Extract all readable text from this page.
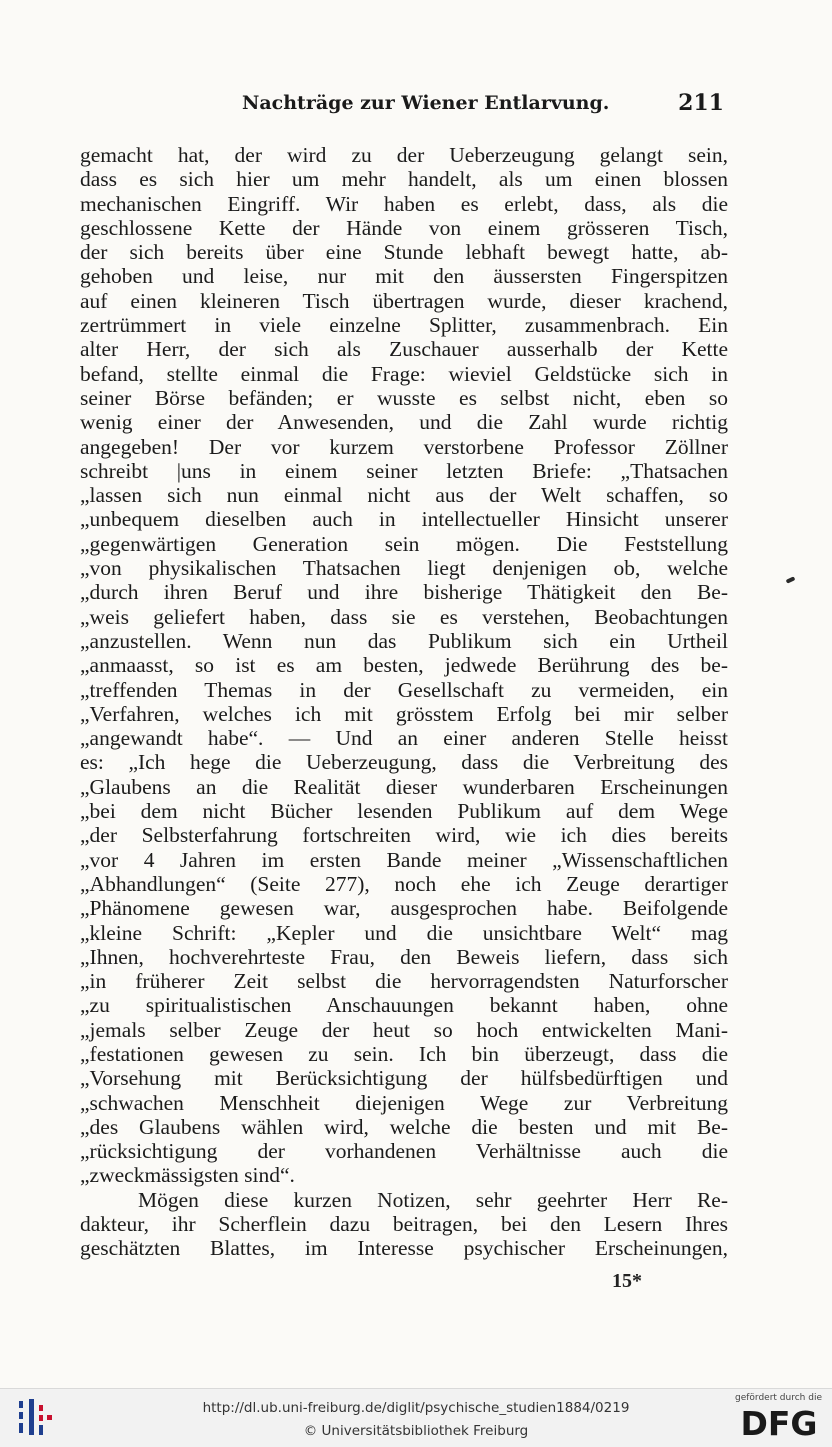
Nachträge zur Wiener Entlarvung.	211
gemacht hat, der wird zu der Ueberzeugung gelangt sein,
dass es sich hier um mehr handelt, als um einen blossen
mechanischen Eingriff. Wir haben es erlebt, dass, als die
geschlossene Kette der Hände von einem grösseren Tisch,
der sich bereits über eine Stunde lebhaft bewegt hatte, ab-
gehoben und leise, nur mit den äussersten Fingerspitzen
auf einen kleineren Tisch übertragen wurde, dieser krachend,
zertrümmert in viele einzelne Splitter, zusammenbrach. Ein
alter Herr, der sich als Zuschauer ausserhalb der Kette
befand, stellte einmal die Frage: wieviel Geldstücke sich in
seiner Börse befänden; er wusste es selbst nicht, eben so
wenig einer der Anwesenden, und die Zahl wurde richtig
angegeben! Der vor kurzem verstorbene Professor Zöllner
schreibt |uns in einem seiner letzten Briefe: „Thatsachen
„lassen sich nun einmal nicht aus der Welt schaffen, so
„unbequem dieselben auch in intellectueller Hinsicht unserer
„gegenwärtigen Generation sein mögen. Die Feststellung
„von physikalischen Thatsachen liegt denjenigen ob, welche
„durch ihren Beruf und ihre bisherige Thätigkeit den Be-
„weis geliefert haben, dass sie es verstehen, Beobachtungen
„anzustellen. Wenn nun das Publikum sich ein Urtheil
„anmaasst, so ist es am besten, jedwede Berührung des be-
„treffenden Themas in der Gesellschaft zu vermeiden, ein
„Verfahren, welches ich mit grösstem Erfolg bei mir selber
„angewandt habe“. — Und an einer anderen Stelle heisst
es: „Ich hege die Ueberzeugung, dass die Verbreitung des
„Glaubens an die Realität dieser wunderbaren Erscheinungen
„bei dem nicht Bücher lesenden Publikum auf dem Wege
„der Selbsterfahrung fortschreiten wird, wie ich dies bereits
„vor 4 Jahren im ersten Bande meiner „Wissenschaftlichen
„Abhandlungen“ (Seite 277), noch ehe ich Zeuge derartiger
„Phänomene gewesen war, ausgesprochen habe. Beifolgende
„kleine Schrift: „Kepler und die unsichtbare Welt“ mag
„Ihnen, hochverehrteste Frau, den Beweis liefern, dass sich
„in früherer Zeit selbst die hervorragendsten Naturforscher
„zu spiritualistischen Anschauungen bekannt haben, ohne
„jemals selber Zeuge der heut so hoch entwickelten Mani-
„festationen gewesen zu sein. Ich bin überzeugt, dass die
„Vorsehung mit Berücksichtigung der hülfsbedürftigen und
„schwachen Menschheit diejenigen Wege zur Verbreitung
„des Glaubens wählen wird, welche die besten und mit Be-
„rücksichtigung der vorhandenen Verhältnisse auch die
„zweckmässigsten sind“.
Mögen diese kurzen Notizen, sehr geehrter Herr Re-
dakteur, ihr Scherflein dazu beitragen, bei den Lesern Ihres
geschätzten Blattes, im Interesse psychischer Erscheinungen,
15*
http://dl.ub.uni-freiburg.de/diglit/psychische_studien1884/0219
© Universitätsbibliothek Freiburg
gefördert durch die
DFG
